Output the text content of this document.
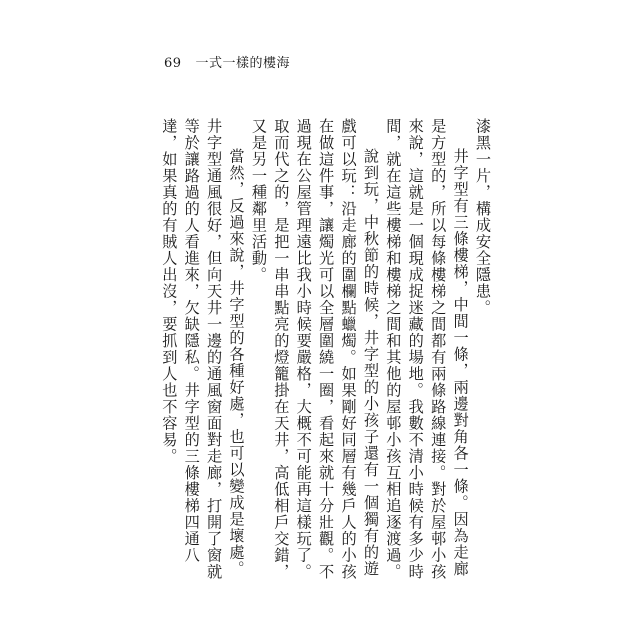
69 一式一樣的樓海

漆黑一片，構成安全隱患。

井字型有三條樓梯，中間一條，兩邊對角各一條。因為走廊是方型的，所以每條樓梯之間都有兩條路線連接。對於屋邨小孩來說，這就是一個現成捉迷藏的場地。我數不清小時候有多少時間，就在這些樓梯和樓梯之間和其他的屋邨小孩互相追逐渡過。

說到玩，中秋節的時候，井字型的小孩子還有一個獨有的遊戲可以玩：沿走廊的圍欄點蠟燭。如果剛好同層有幾戶人的小孩在做這件事，讓燭光可以全層圍繞一圈，看起來就十分壯觀。不過現在公屋管理遠比我小時候要嚴格，大概不可能再這樣玩了。取而代之的，是把一串串點亮的燈籠掛在天井，高低相戶交錯，又是另一種鄰里活動。

當然，反過來說，井字型的各種好處，也可以變成是壞處。井字型通風很好，但向天井一邊的通風窗面對走廊，打開了窗就等於讓路過的人看進來，欠缺隱私。井字型的三條樓梯四通八達，如果真的有賊人出沒，要抓到人也不容易。
